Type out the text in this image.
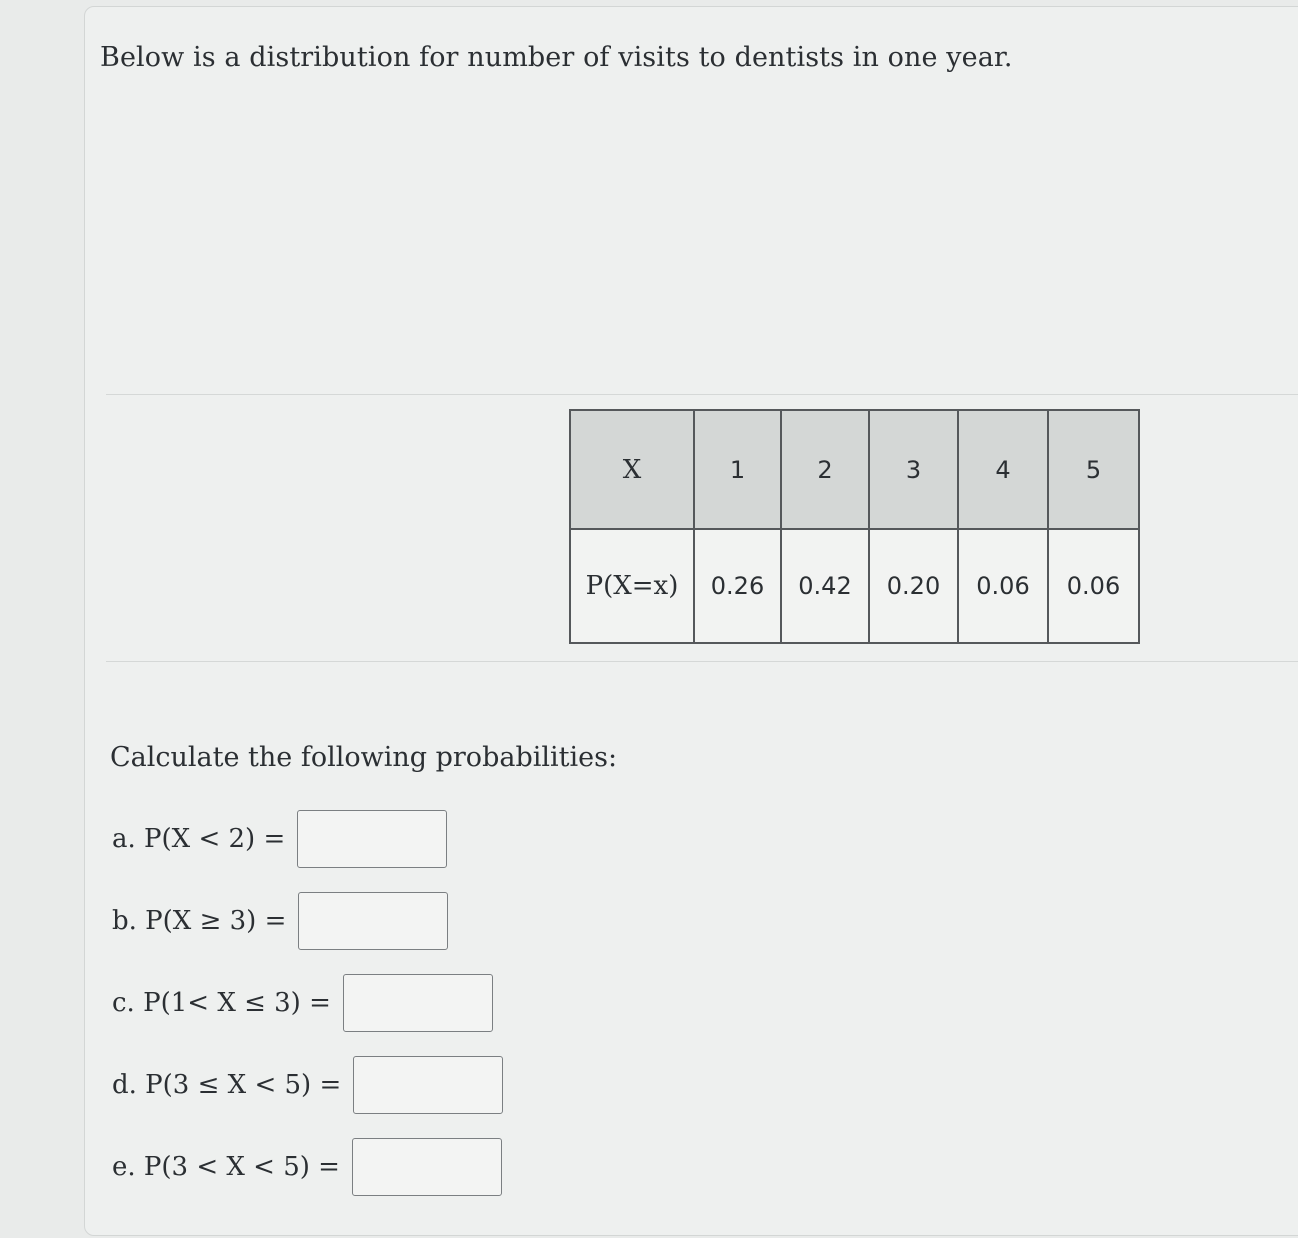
Below is a distribution for number of visits to dentists in one year.

X	1	2	3	4	5
P(X=x)	0.26	0.42	0.20	0.06	0.06

Calculate the following probabilities:

a. P(X < 2) =
b. P(X ≥ 3) =
c. P(1< X ≤ 3) =
d. P(3 ≤ X < 5) =
e. P(3 < X < 5) =
